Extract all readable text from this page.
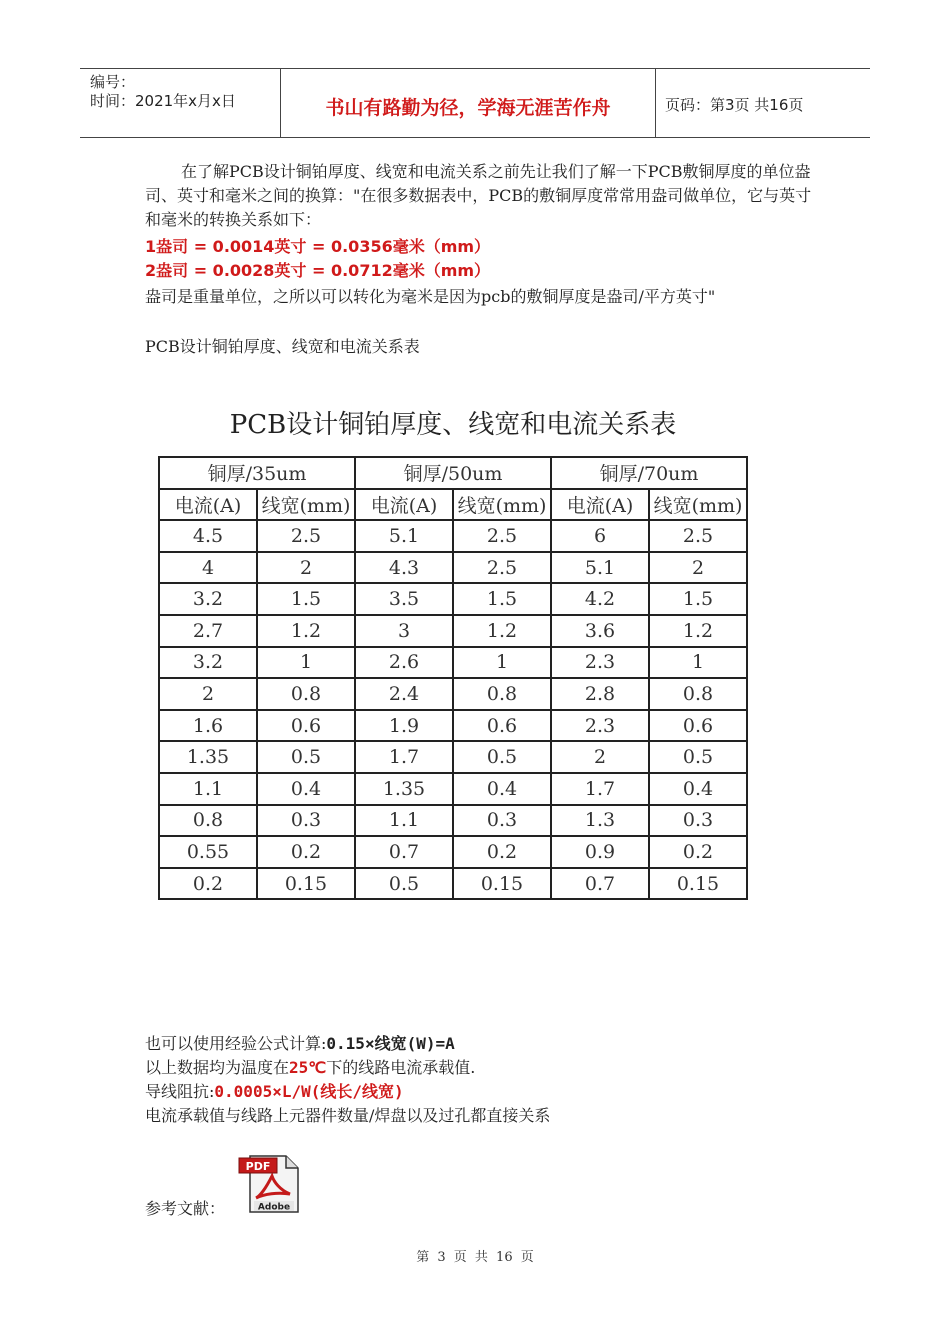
编号：
时间：2021年x月x日	书山有路勤为径，学海无涯苦作舟	页码：第3页 共16页
在了解PCB设计铜铂厚度、线宽和电流关系之前先让我们了解一下PCB敷铜厚度的单位盎司、英寸和毫米之间的换算："在很多数据表中，PCB的敷铜厚度常常用盎司做单位，它与英寸和毫米的转换关系如下：
1盎司 = 0.0014英寸 = 0.0356毫米（mm）
2盎司 = 0.0028英寸 = 0.0712毫米（mm）
盎司是重量单位，之所以可以转化为毫米是因为pcb的敷铜厚度是盎司/平方英寸"
PCB设计铜铂厚度、线宽和电流关系表
PCB设计铜铂厚度、线宽和电流关系表
铜厚/35um		铜厚/50um		铜厚/70um	
电流(A)	线宽(mm)	电流(A)	线宽(mm)	电流(A)	线宽(mm)
4.5	2.5	5.1	2.5	6	2.5
4	2	4.3	2.5	5.1	2
3.2	1.5	3.5	1.5	4.2	1.5
2.7	1.2	3	1.2	3.6	1.2
3.2	1	2.6	1	2.3	1
2	0.8	2.4	0.8	2.8	0.8
1.6	0.6	1.9	0.6	2.3	0.6
1.35	0.5	1.7	0.5	2	0.5
1.1	0.4	1.35	0.4	1.7	0.4
0.8	0.3	1.1	0.3	1.3	0.3
0.55	0.2	0.7	0.2	0.9	0.2
0.2	0.15	0.5	0.15	0.7	0.15
也可以使用经验公式计算:0.15×线宽(W)=A
以上数据均为温度在25℃下的线路电流承载值.
导线阻抗:0.0005×L/W(线长/线宽)
电流承载值与线路上元器件数量/焊盘以及过孔都直接关系
参考文献：	Adobe
PDF
第 3 页 共 16 页
